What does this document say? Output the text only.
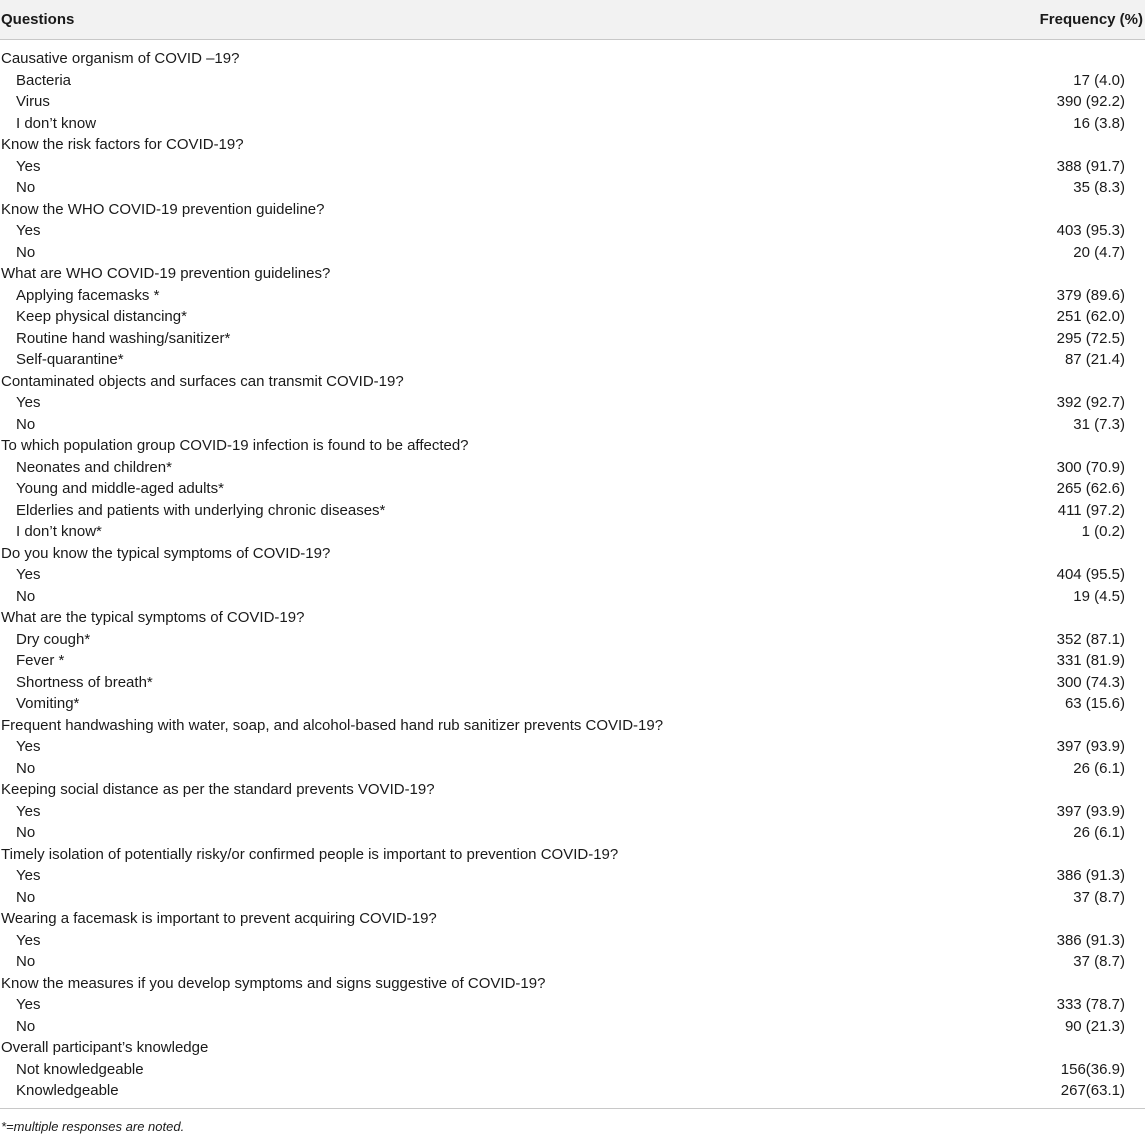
Questions	Frequency (%)
Causative organism of COVID –19?
Bacteria	17 (4.0)
Virus	390 (92.2)
I don’t know	16 (3.8)
Know the risk factors for COVID-19?
Yes	388 (91.7)
No	35 (8.3)
Know the WHO COVID-19 prevention guideline?
Yes	403 (95.3)
No	20 (4.7)
What are WHO COVID-19 prevention guidelines?
Applying facemasks *	379 (89.6)
Keep physical distancing*	251 (62.0)
Routine hand washing/sanitizer*	295 (72.5)
Self-quarantine*	87 (21.4)
Contaminated objects and surfaces can transmit COVID-19?
Yes	392 (92.7)
No	31 (7.3)
To which population group COVID-19 infection is found to be affected?
Neonates and children*	300 (70.9)
Young and middle-aged adults*	265 (62.6)
Elderlies and patients with underlying chronic diseases*	411 (97.2)
I don’t know*	1 (0.2)
Do you know the typical symptoms of COVID-19?
Yes	404 (95.5)
No	19 (4.5)
What are the typical symptoms of COVID-19?
Dry cough*	352 (87.1)
Fever *	331 (81.9)
Shortness of breath*	300 (74.3)
Vomiting*	63 (15.6)
Frequent handwashing with water, soap, and alcohol-based hand rub sanitizer prevents COVID-19?
Yes	397 (93.9)
No	26 (6.1)
Keeping social distance as per the standard prevents VOVID-19?
Yes	397 (93.9)
No	26 (6.1)
Timely isolation of potentially risky/or confirmed people is important to prevention COVID-19?
Yes	386 (91.3)
No	37 (8.7)
Wearing a facemask is important to prevent acquiring COVID-19?
Yes	386 (91.3)
No	37 (8.7)
Know the measures if you develop symptoms and signs suggestive of COVID-19?
Yes	333 (78.7)
No	90 (21.3)
Overall participant’s knowledge
Not knowledgeable	156(36.9)
Knowledgeable	267(63.1)
*=multiple responses are noted.
